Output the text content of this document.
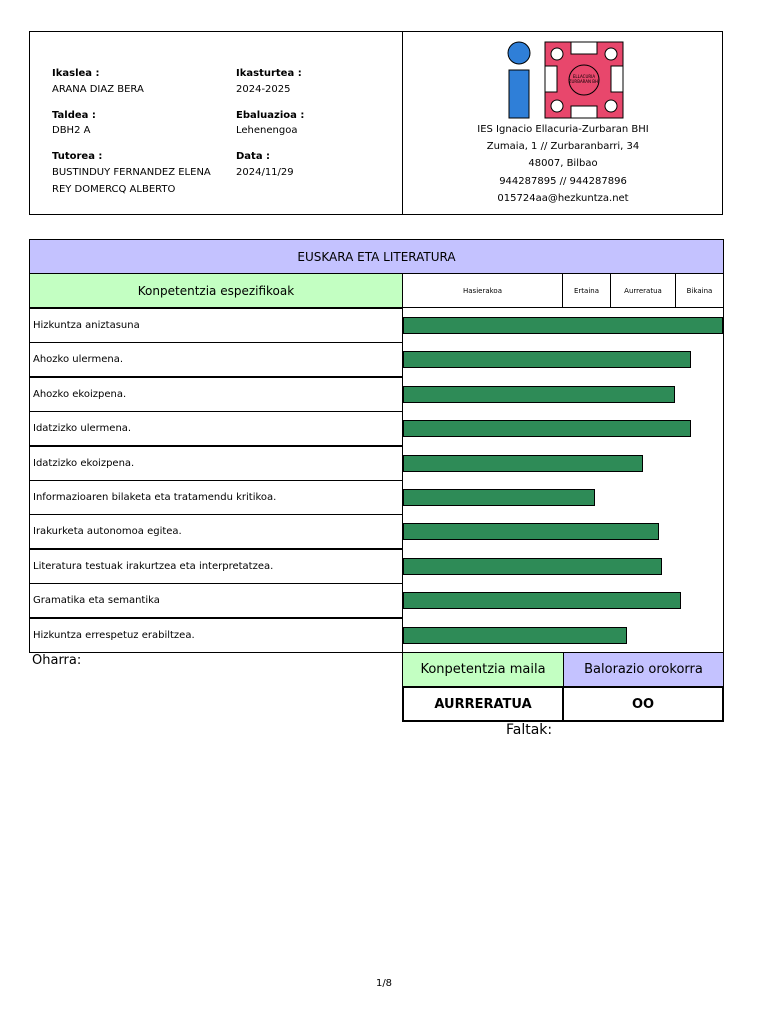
Ikaslea :
ARANA DIAZ BERA
Ikasturtea :
2024-2025
Taldea :
DBH2 A
Ebaluazioa :
Lehenengoa
Tutorea :
BUSTINDUY FERNANDEZ ELENA
REY DOMERCQ ALBERTO
Data :
2024/11/29
ELLACURIA
ZURBARAN BHI
IES Ignacio Ellacuria-Zurbaran BHI
Zumaia, 1 // Zurbaranbarri, 34
48007, Bilbao
944287895 // 944287896
015724aa@hezkuntza.net
EUSKARA ETA LITERATURA
Konpetentzia espezifikoak	Hasierakoa	Ertaina	Aurreratua	Bikaina
Hizkuntza aniztasuna
Ahozko ulermena.
Ahozko ekoizpena.
Idatzizko ulermena.
Idatzizko ekoizpena.
Informazioaren bilaketa eta tratamendu kritikoa.
Irakurketa autonomoa egitea.
Literatura testuak irakurtzea eta interpretatzea.
Gramatika eta semantika
Hizkuntza errespetuz erabiltzea.
Oharra:
Konpetentzia maila	Balorazio orokorra
AURRERATUA	OO
Faltak:
1/8
